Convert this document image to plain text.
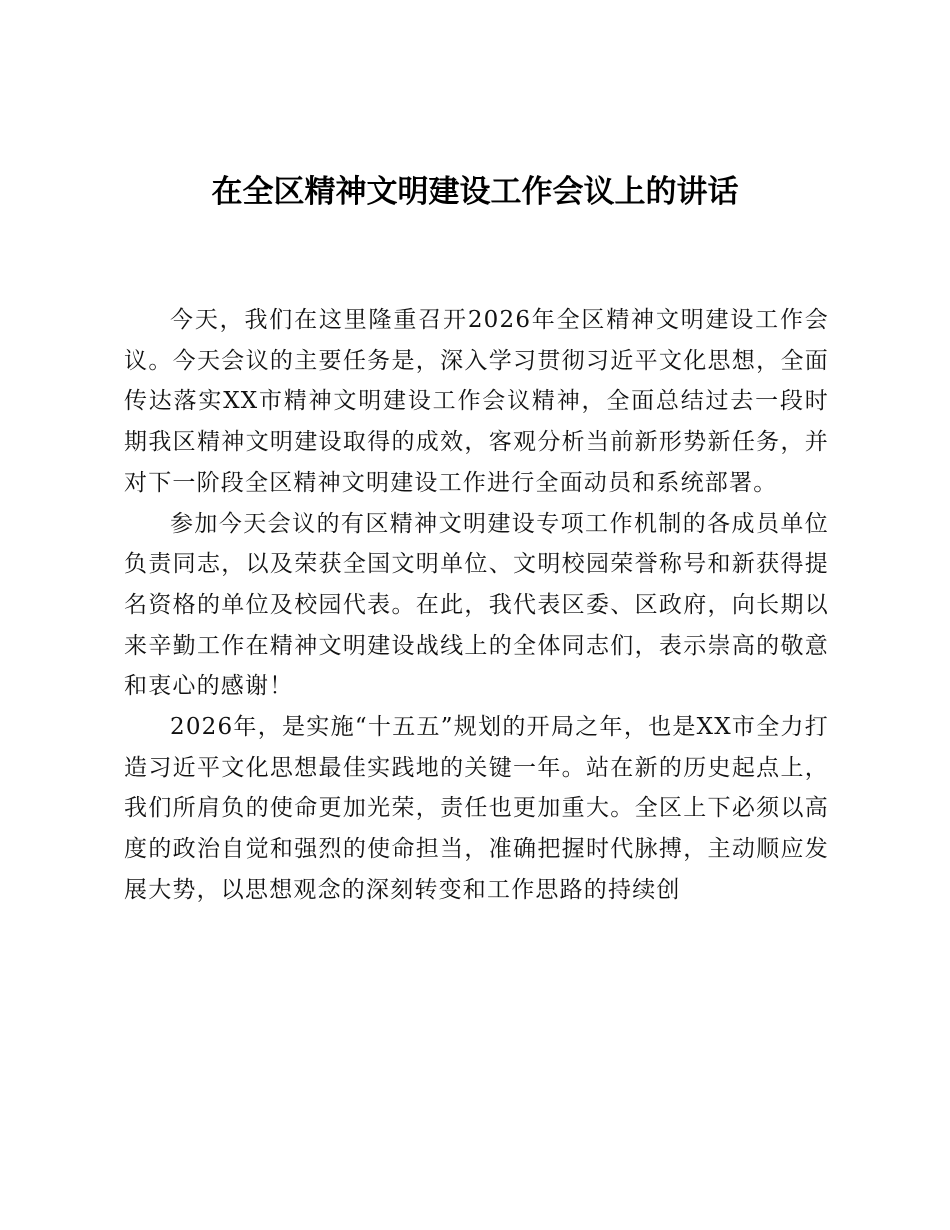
在全区精神文明建设工作会议上的讲话

今天，我们在这里隆重召开2026年全区精神文明建设工作会议。今天会议的主要任务是，深入学习贯彻习近平文化思想，全面传达落实XX市精神文明建设工作会议精神，全面总结过去一段时期我区精神文明建设取得的成效，客观分析当前新形势新任务，并对下一阶段全区精神文明建设工作进行全面动员和系统部署。

参加今天会议的有区精神文明建设专项工作机制的各成员单位负责同志，以及荣获全国文明单位、文明校园荣誉称号和新获得提名资格的单位及校园代表。在此，我代表区委、区政府，向长期以来辛勤工作在精神文明建设战线上的全体同志们，表示崇高的敬意和衷心的感谢！

2026年，是实施“十五五”规划的开局之年，也是XX市全力打造习近平文化思想最佳实践地的关键一年。站在新的历史起点上，我们所肩负的使命更加光荣，责任也更加重大。全区上下必须以高度的政治自觉和强烈的使命担当，准确把握时代脉搏，主动顺应发展大势，以思想观念的深刻转变和工作思路的持续创
